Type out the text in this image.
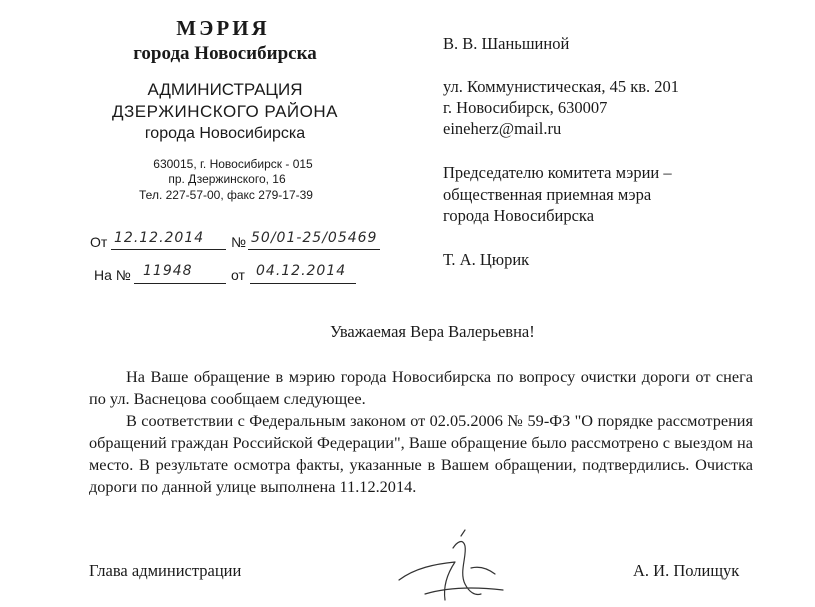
МЭРИЯ
города Новосибирска
АДМИНИСТРАЦИЯ
ДЗЕРЖИНСКОГО РАЙОНА
города Новосибирска
630015, г. Новосибирск - 015
пр. Дзержинского, 16
Тел. 227-57-00, факс 279-17-39
От 12.12.2014 № 50/01-25/05469
На № 11948	от 04.12.2014
В. В. Шаньшиной
ул. Коммунистическая, 45 кв. 201
г. Новосибирск, 630007
eineherz@mail.ru
Председателю комитета мэрии –
общественная приемная мэра
города Новосибирска
Т. А. Цюрик
Уважаемая Вера Валерьевна!
На Ваше обращение в мэрию города Новосибирска по вопросу очистки дороги от снега по ул. Васнецова сообщаем следующее.
В соответствии с Федеральным законом от 02.05.2006 № 59-ФЗ "О порядке рассмотрения обращений граждан Российской Федерации", Ваше обращение было рассмотрено с выездом на место. В результате осмотра факты, указанные в Вашем обращении, подтвердились. Очистка дороги по данной улице выполнена 11.12.2014.
Глава администрации	А. И. Полищук
